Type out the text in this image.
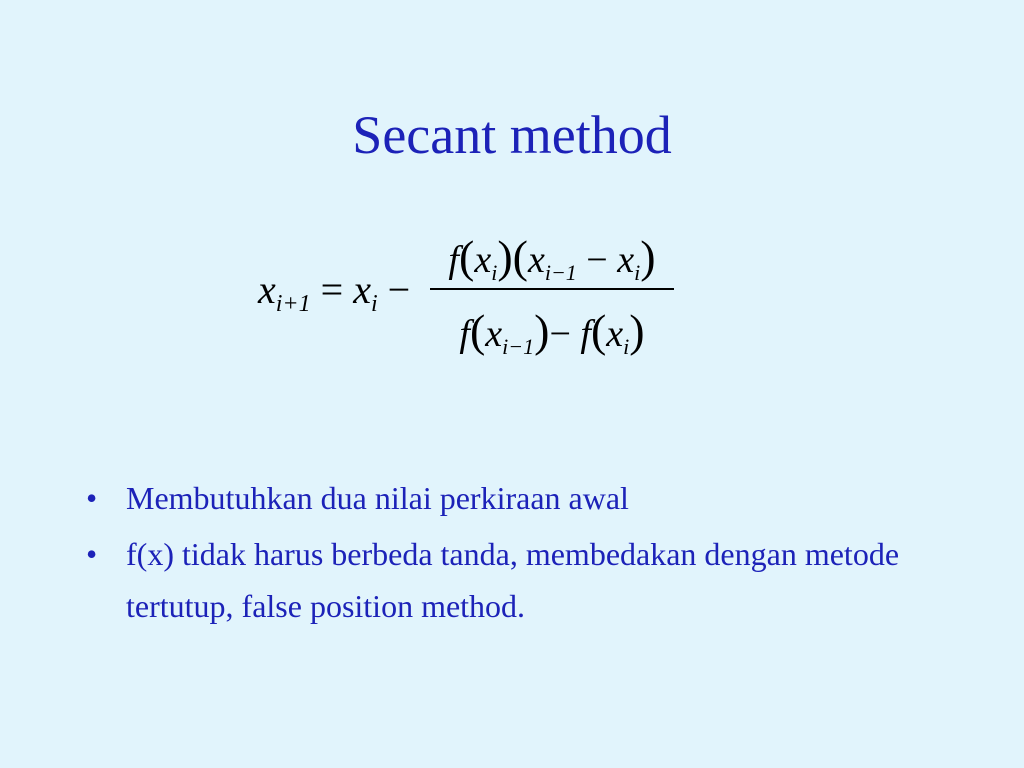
Secant method
$x_{i+1} = x_i$ −
$f(x_i)(x_{i-1} - x_i)$
$f(x_{i-1})- f(x_i)$
• Membutuhkan dua nilai perkiraan awal
• f(x) tidak harus berbeda tanda, membedakan dengan metode tertutup, false position method.
